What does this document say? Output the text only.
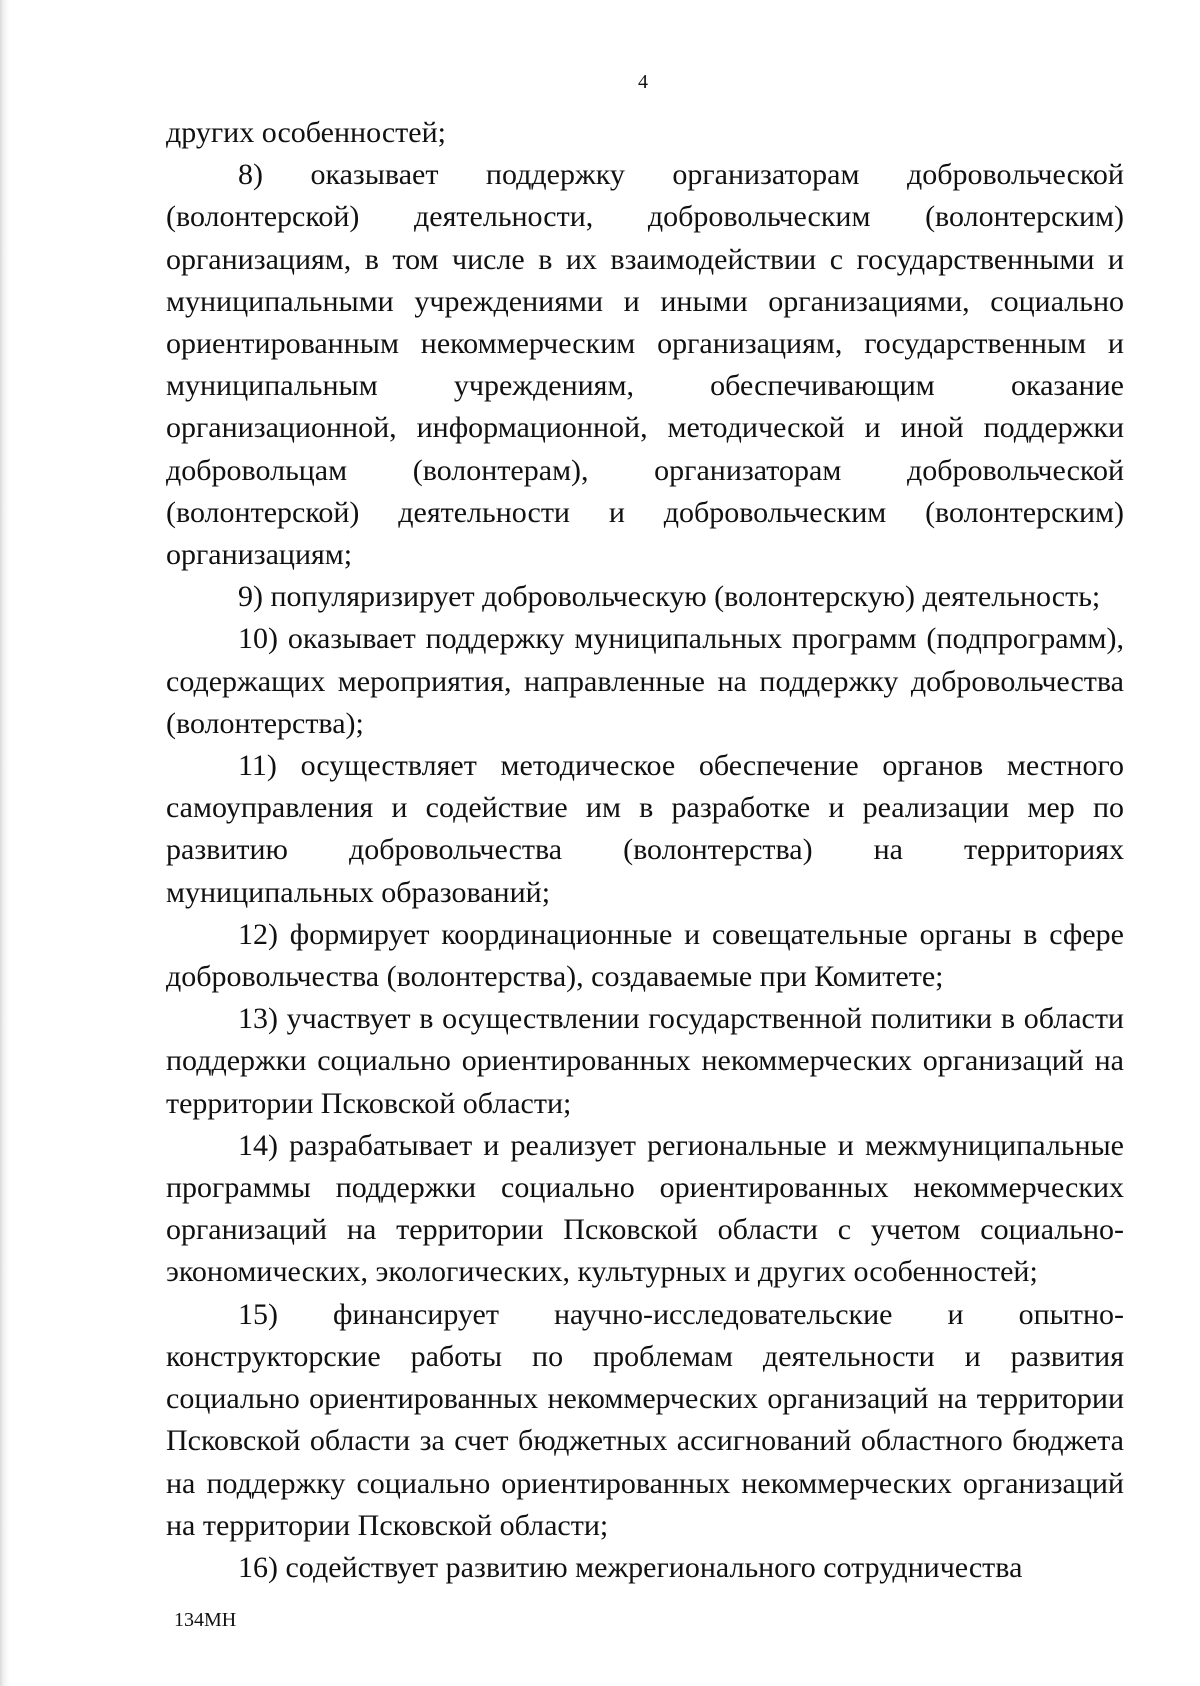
4

других особенностей;

8) оказывает поддержку организаторам добровольческой (волонтерской) деятельности, добровольческим (волонтерским) организациям, в том числе в их взаимодействии с государственными и муниципальными учреждениями и иными организациями, социально ориентированным некоммерческим организациям, государственным и муниципальным учреждениям, обеспечивающим оказание организационной, информационной, методической и иной поддержки добровольцам (волонтерам), организаторам добровольческой (волонтерской) деятельности и добровольческим (волонтерским) организациям;

9) популяризирует добровольческую (волонтерскую) деятельность;

10) оказывает поддержку муниципальных программ (подпрограмм), содержащих мероприятия, направленные на поддержку добровольчества (волонтерства);

11) осуществляет методическое обеспечение органов местного самоуправления и содействие им в разработке и реализации мер по развитию добровольчества (волонтерства) на территориях муниципальных образований;

12) формирует координационные и совещательные органы в сфере добровольчества (волонтерства), создаваемые при Комитете;

13) участвует в осуществлении государственной политики в области поддержки социально ориентированных некоммерческих организаций на территории Псковской области;

14) разрабатывает и реализует региональные и межмуниципальные программы поддержки социально ориентированных некоммерческих организаций на территории Псковской области с учетом социально-экономических, экологических, культурных и других особенностей;

15) финансирует научно-исследовательские и опытно-конструкторские работы по проблемам деятельности и развития социально ориентированных некоммерческих организаций на территории Псковской области за счет бюджетных ассигнований областного бюджета на поддержку социально ориентированных некоммерческих организаций на территории Псковской области;

16) содействует развитию межрегионального сотрудничества

134МН
